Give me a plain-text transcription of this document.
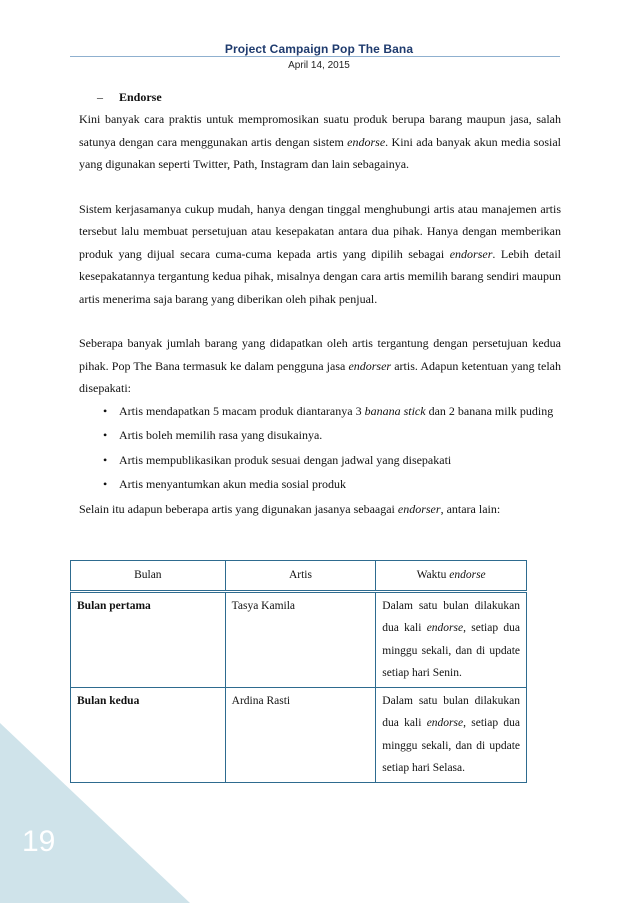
Project Campaign Pop The Bana
April 14, 2015
– Endorse

Kini banyak cara praktis untuk mempromosikan suatu produk berupa barang maupun jasa, salah satunya dengan cara menggunakan artis dengan sistem endorse. Kini ada banyak akun media sosial yang digunakan seperti Twitter, Path, Instagram dan lain sebagainya.

Sistem kerjasamanya cukup mudah, hanya dengan tinggal menghubungi artis atau manajemen artis tersebut lalu membuat persetujuan atau kesepakatan antara dua pihak. Hanya dengan memberikan produk yang dijual secara cuma-cuma kepada artis yang dipilih sebagai endorser. Lebih detail kesepakatannya tergantung kedua pihak, misalnya dengan cara artis memilih barang sendiri maupun artis menerima saja barang yang diberikan oleh pihak penjual.

Seberapa banyak jumlah barang yang didapatkan oleh artis tergantung dengan persetujuan kedua pihak. Pop The Bana termasuk ke dalam pengguna jasa endorser artis. Adapun ketentuan yang telah disepakati:

• Artis mendapatkan 5 macam produk diantaranya 3 banana stick dan 2 banana milk puding
• Artis boleh memilih rasa yang disukainya.
• Artis mempublikasikan produk sesuai dengan jadwal yang disepakati
• Artis menyantumkan akun media sosial produk

Selain itu adapun beberapa artis yang digunakan jasanya sebaagai endorser, antara lain:

Bulan	Artis	Waktu endorse
Bulan pertama	Tasya Kamila	Dalam satu bulan dilakukan dua kali endorse, setiap dua minggu sekali, dan di update setiap hari Senin.
Bulan kedua	Ardina Rasti	Dalam satu bulan dilakukan dua kali endorse, setiap dua minggu sekali, dan di update setiap hari Selasa.
19
